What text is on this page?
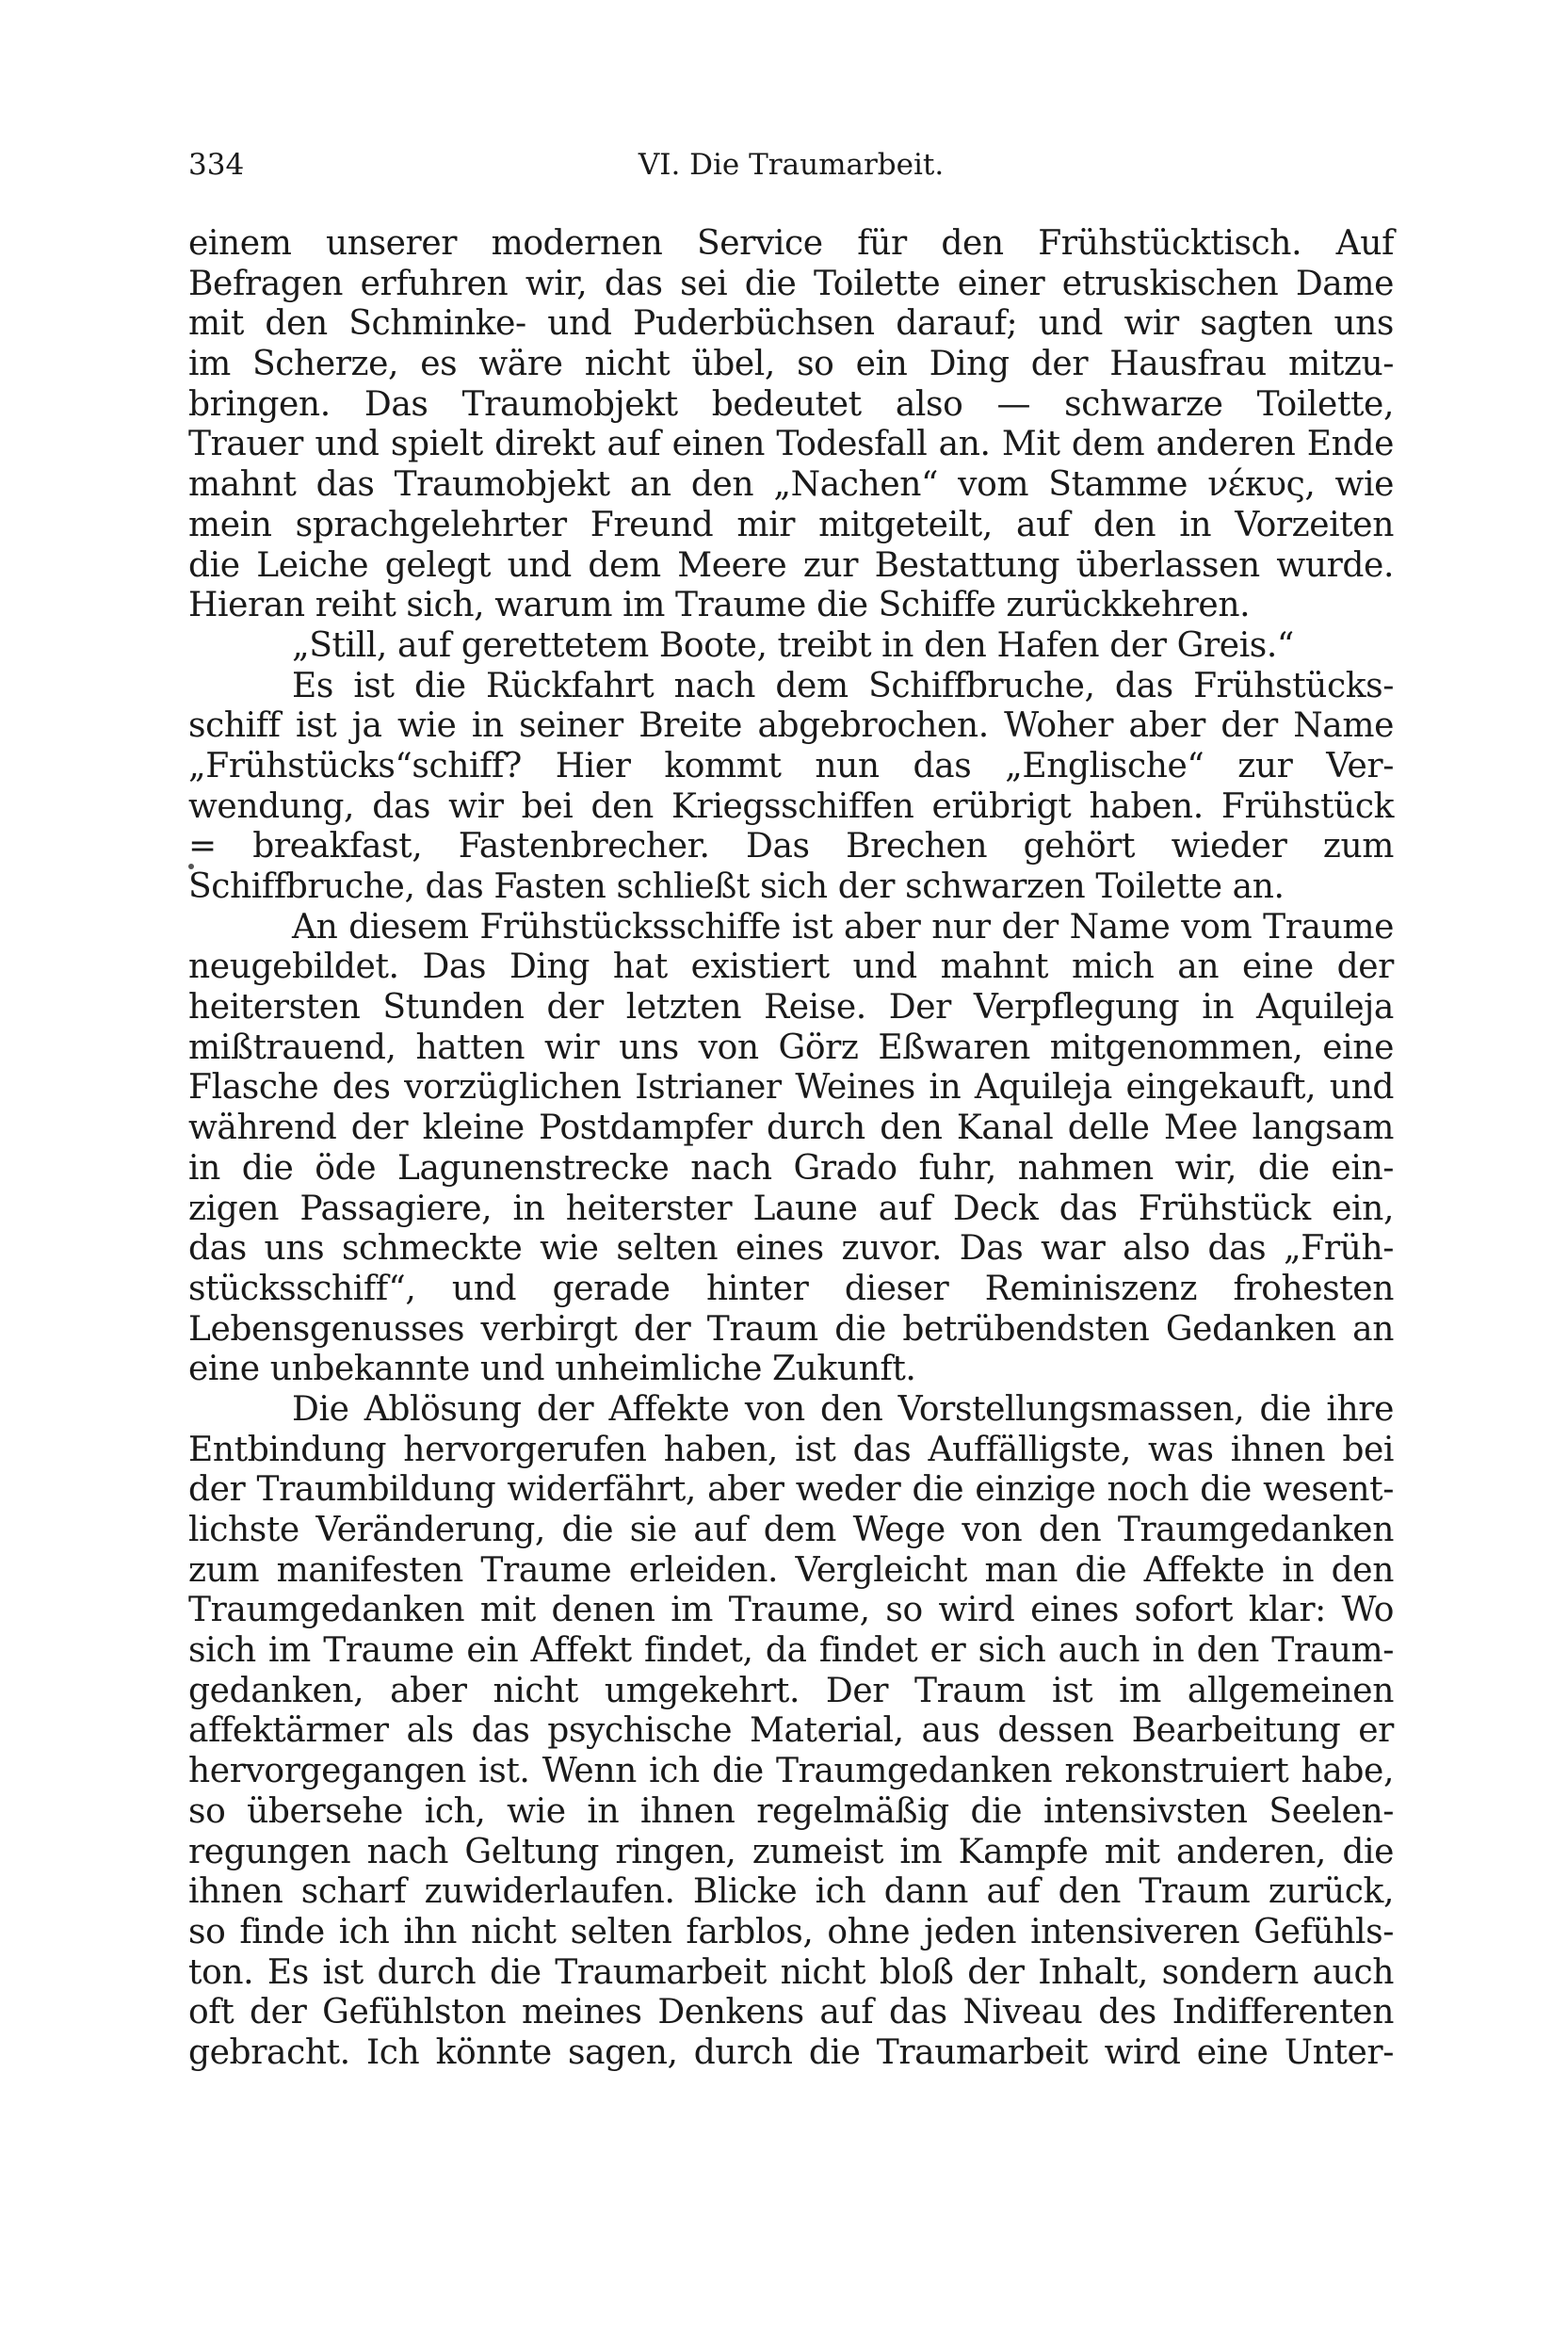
334	VI. Die Traumarbeit.
einem unserer modernen Service für den Frühstücktisch. Auf
Befragen erfuhren wir, das sei die Toilette einer etruskischen Dame
mit den Schminke- und Puderbüchsen darauf; und wir sagten uns
im Scherze, es wäre nicht übel, so ein Ding der Hausfrau mitzu-
bringen. Das Traumobjekt bedeutet also — schwarze Toilette,
Trauer und spielt direkt auf einen Todesfall an. Mit dem anderen Ende
mahnt das Traumobjekt an den „Nachen“ vom Stamme νέκυς, wie
mein sprachgelehrter Freund mir mitgeteilt, auf den in Vorzeiten
die Leiche gelegt und dem Meere zur Bestattung überlassen wurde.
Hieran reiht sich, warum im Traume die Schiffe zurückkehren.
„Still, auf gerettetem Boote, treibt in den Hafen der Greis.“
Es ist die Rückfahrt nach dem Schiffbruche, das Frühstücks-
schiff ist ja wie in seiner Breite abgebrochen. Woher aber der Name
„Frühstücks“schiff? Hier kommt nun das „Englische“ zur Ver-
wendung, das wir bei den Kriegsschiffen erübrigt haben. Frühstück
= breakfast, Fastenbrecher. Das Brechen gehört wieder zum
Schiffbruche, das Fasten schließt sich der schwarzen Toilette an.
An diesem Frühstücksschiffe ist aber nur der Name vom Traume
neugebildet. Das Ding hat existiert und mahnt mich an eine der
heitersten Stunden der letzten Reise. Der Verpflegung in Aquileja
mißtrauend, hatten wir uns von Görz Eßwaren mitgenommen, eine
Flasche des vorzüglichen Istrianer Weines in Aquileja eingekauft, und
während der kleine Postdampfer durch den Kanal delle Mee langsam
in die öde Lagunenstrecke nach Grado fuhr, nahmen wir, die ein-
zigen Passagiere, in heiterster Laune auf Deck das Frühstück ein,
das uns schmeckte wie selten eines zuvor. Das war also das „Früh-
stücksschiff“, und gerade hinter dieser Reminiszenz frohesten
Lebensgenusses verbirgt der Traum die betrübendsten Gedanken an
eine unbekannte und unheimliche Zukunft.
Die Ablösung der Affekte von den Vorstellungsmassen, die ihre
Entbindung hervorgerufen haben, ist das Auffälligste, was ihnen bei
der Traumbildung widerfährt, aber weder die einzige noch die wesent-
lichste Veränderung, die sie auf dem Wege von den Traumgedanken
zum manifesten Traume erleiden. Vergleicht man die Affekte in den
Traumgedanken mit denen im Traume, so wird eines sofort klar: Wo
sich im Traume ein Affekt findet, da findet er sich auch in den Traum-
gedanken, aber nicht umgekehrt. Der Traum ist im allgemeinen
affektärmer als das psychische Material, aus dessen Bearbeitung er
hervorgegangen ist. Wenn ich die Traumgedanken rekonstruiert habe,
so übersehe ich, wie in ihnen regelmäßig die intensivsten Seelen-
regungen nach Geltung ringen, zumeist im Kampfe mit anderen, die
ihnen scharf zuwiderlaufen. Blicke ich dann auf den Traum zurück,
so finde ich ihn nicht selten farblos, ohne jeden intensiveren Gefühls-
ton. Es ist durch die Traumarbeit nicht bloß der Inhalt, sondern auch
oft der Gefühlston meines Denkens auf das Niveau des Indifferenten
gebracht. Ich könnte sagen, durch die Traumarbeit wird eine Unter-
